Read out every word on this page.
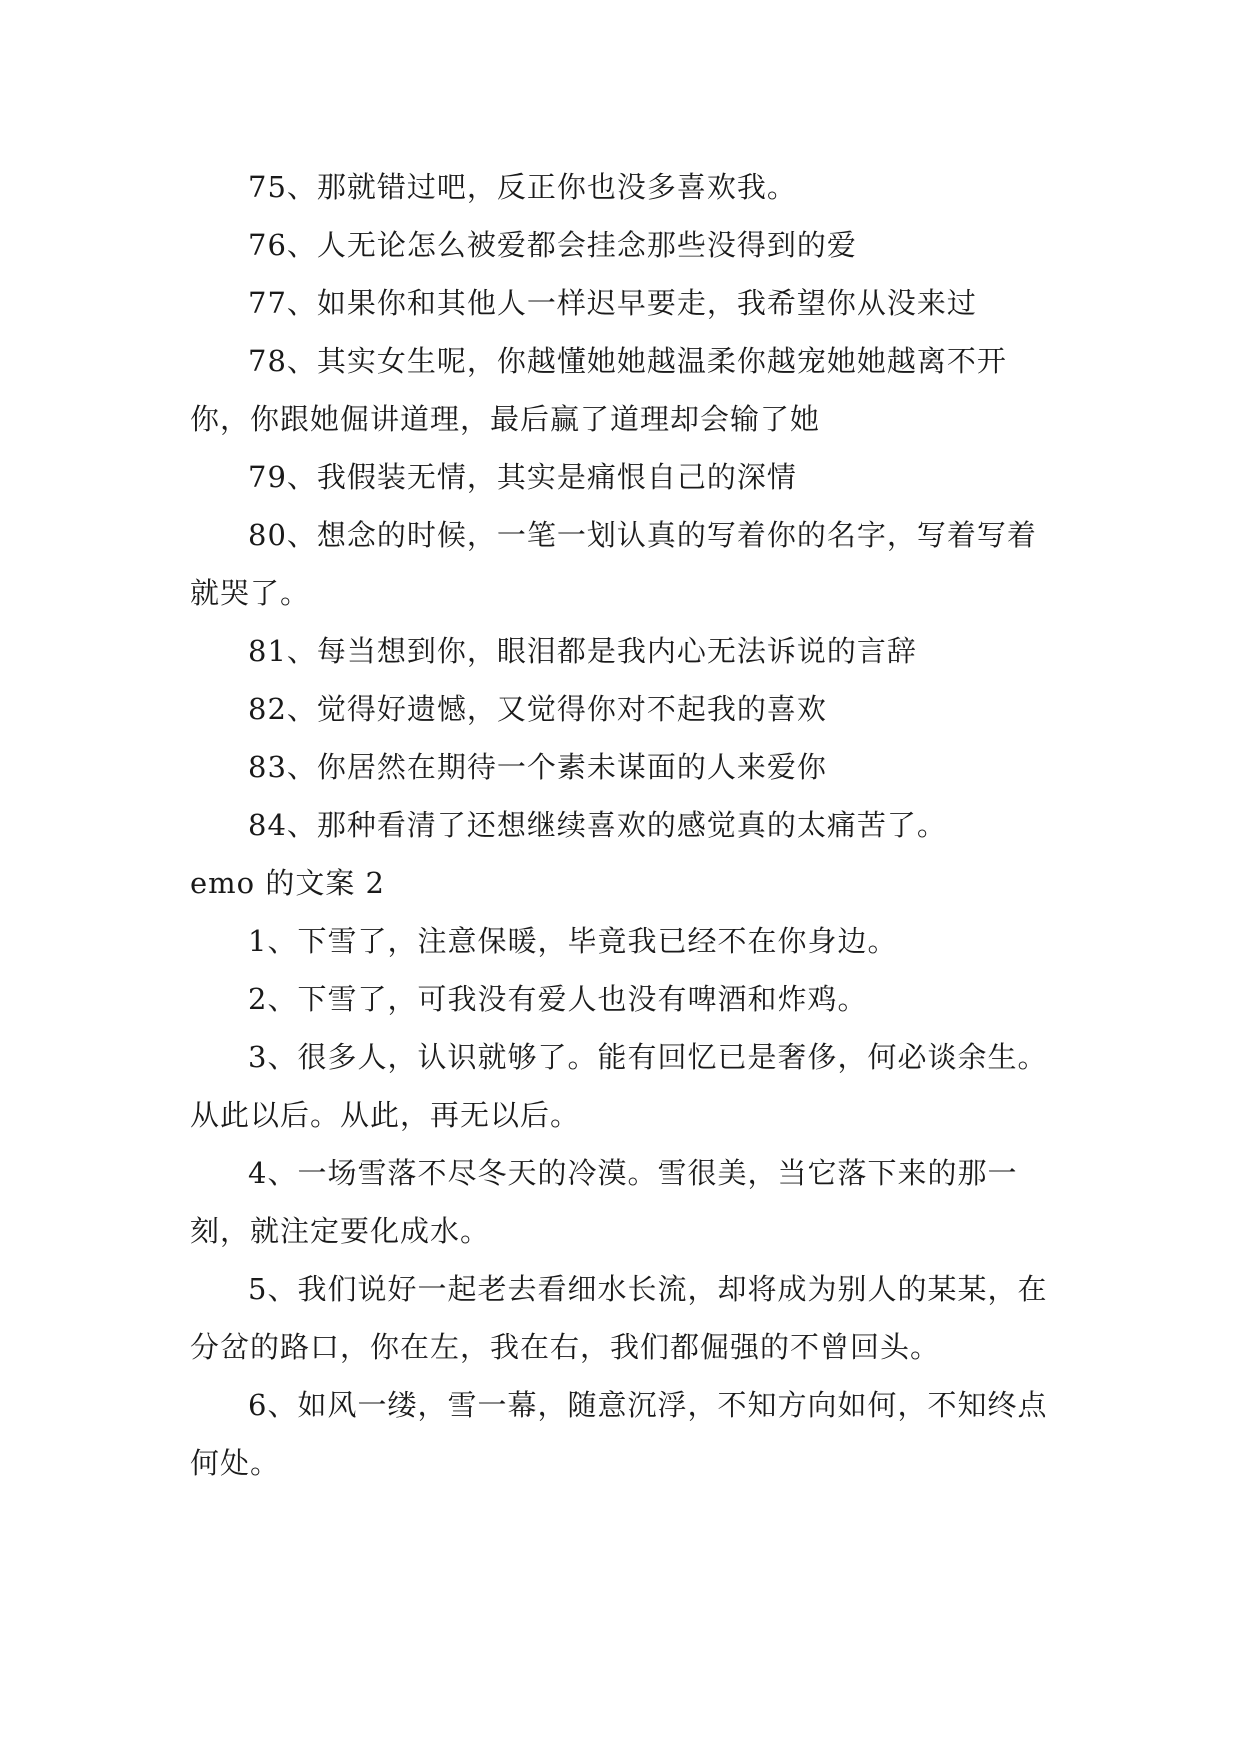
75、那就错过吧，反正你也没多喜欢我。

76、人无论怎么被爱都会挂念那些没得到的爱

77、如果你和其他人一样迟早要走，我希望你从没来过

78、其实女生呢，你越懂她她越温柔你越宠她她越离不开你，你跟她倔讲道理，最后赢了道理却会输了她

79、我假装无情，其实是痛恨自己的深情

80、想念的时候，一笔一划认真的写着你的名字，写着写着就哭了。

81、每当想到你，眼泪都是我内心无法诉说的言辞

82、觉得好遗憾，又觉得你对不起我的喜欢

83、你居然在期待一个素未谋面的人来爱你

84、那种看清了还想继续喜欢的感觉真的太痛苦了。

emo 的文案 2

1、下雪了，注意保暖，毕竟我已经不在你身边。

2、下雪了，可我没有爱人也没有啤酒和炸鸡。

3、很多人，认识就够了。能有回忆已是奢侈，何必谈余生。从此以后。从此，再无以后。

4、一场雪落不尽冬天的冷漠。雪很美，当它落下来的那一刻，就注定要化成水。

5、我们说好一起老去看细水长流，却将成为别人的某某，在分岔的路口，你在左，我在右，我们都倔强的不曾回头。

6、如风一缕，雪一幕，随意沉浮，不知方向如何，不知终点何处。
